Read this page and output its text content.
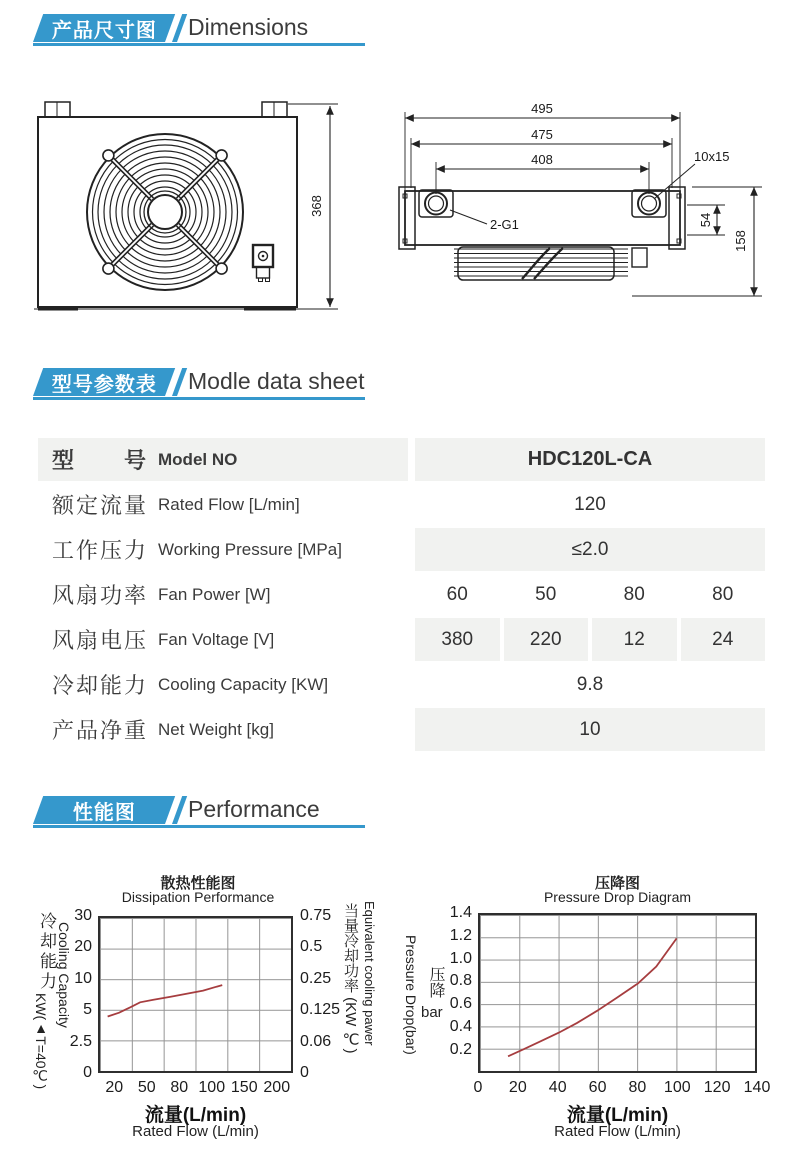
产品尺寸图 Dimensions
368
495
475
408
2-G1
10x15
54
158
型号参数表 Modle data sheet
型　　号 Model NO	HDC120L-CA
额定流量 Rated Flow [L/min]	120
工作压力 Working Pressure [MPa]	≤2.0
风扇功率 Fan Power [W]	60	50	80	80
风扇电压 Fan Voltage [V]	380	220	12	24
冷却能力 Cooling Capacity [KW]	9.8
产品净重 Net Weight [kg]	10
性能图 Performance
散热性能图
Dissipation Performance
30
20
10
5
2.5
0
0.75
0.5
0.25
0.125
0.06
0
20 50 80 100 150 200
冷却能力
KW(▲T=40℃)
Cooling Capacity	当量冷却功率 (KW ℃) Equivalent cooling pawer
流量(L/min)
Rated Flow (L/min)
压降图
Pressure Drop Diagram
1.4
1.2
1.0
0.8
0.6
0.4
0.2
0 20 40 60 80 100 120 140
Pressure Drop(bar) 压降
bar
流量(L/min)
Rated Flow (L/min)
